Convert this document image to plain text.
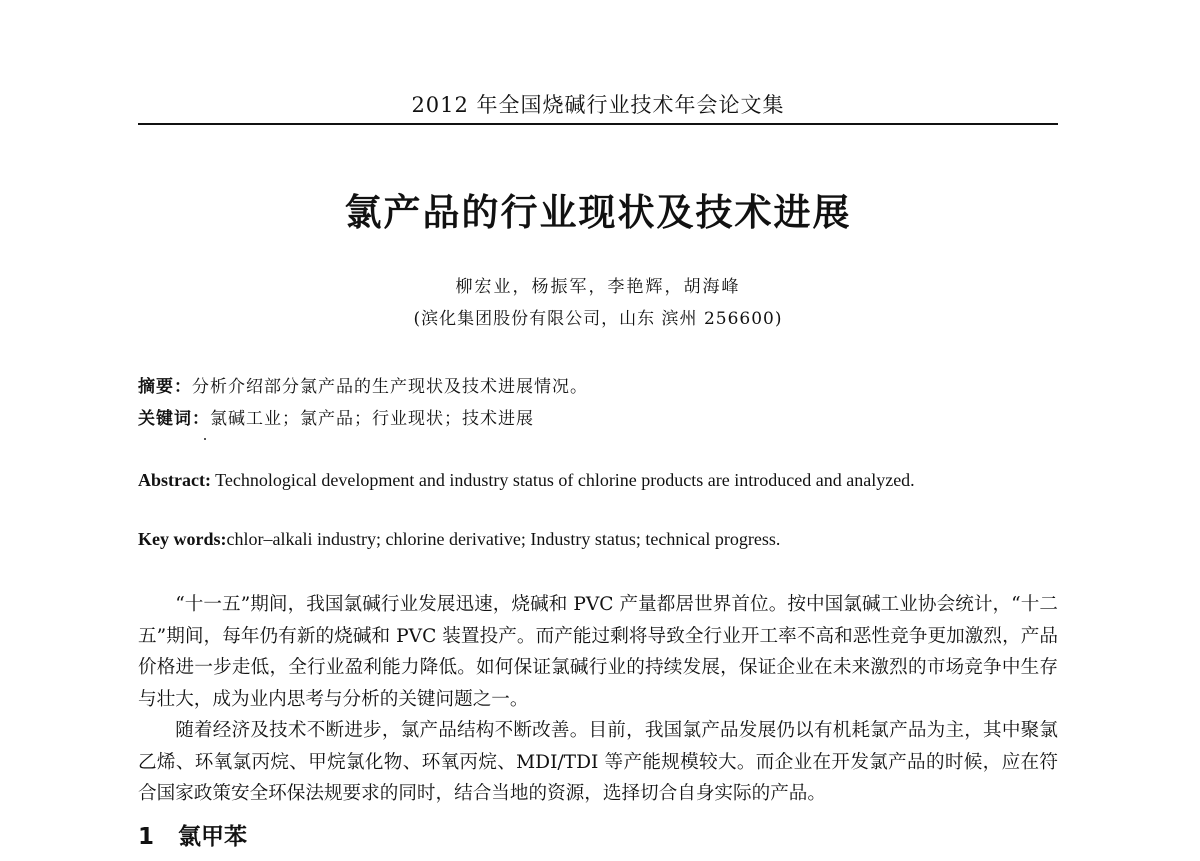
2012 年全国烧碱行业技术年会论文集
氯产品的行业现状及技术进展
柳宏业，杨振军，李艳辉，胡海峰
(滨化集团股份有限公司，山东 滨州 256600)
摘要：分析介绍部分氯产品的生产现状及技术进展情况。
关键词：氯碱工业；氯产品；行业现状；技术进展
Abstract: Technological development and industry status of chlorine products are introduced and analyzed.
Key words:chlor–alkali industry; chlorine derivative; Industry status; technical progress.

“十一五”期间，我国氯碱行业发展迅速，烧碱和 PVC 产量都居世界首位。按中国氯碱工业协会统计，“十二五”期间，每年仍有新的烧碱和 PVC 装置投产。而产能过剩将导致全行业开工率不高和恶性竞争更加激烈，产品价格进一步走低，全行业盈利能力降低。如何保证氯碱行业的持续发展，保证企业在未来激烈的市场竞争中生存与壮大，成为业内思考与分析的关键问题之一。

随着经济及技术不断进步，氯产品结构不断改善。目前，我国氯产品发展仍以有机耗氯产品为主，其中聚氯乙烯、环氧氯丙烷、甲烷氯化物、环氧丙烷、MDI/TDI 等产能规模较大。而企业在开发氯产品的时候，应在符合国家政策安全环保法规要求的同时，结合当地的资源，选择切合自身实际的产品。

1 氯甲苯
